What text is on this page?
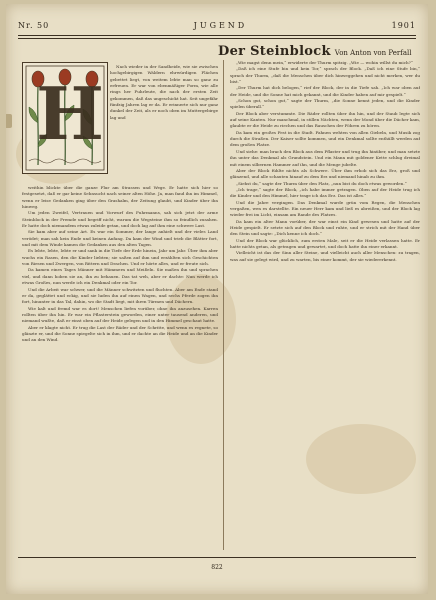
Nr. 50	JUGEND	1901
Der Steinblock Von Anton von Perfall
H

Nach wieder in der Sandheide, wie sie zwischen hochgebirgigen Wäldern ehrwürdigen Flächen gebettet liegt, von weitem lebte man so ganz zu erfreuen. Er war von ebenmäßiger Form, wie alle rings her Fuhrleute, die nach der ersten Zeit gekommen, daß das ungeschickt hat. Seit ungefähr fünfzig Jahren lag er da. Er erinnerte sich nur ganz dunkel der Zeit, als er noch oben im Muttergebirge lag und

weithin blickte über die ganze Flur am Strassen und Wege. Er hatte sich hier so festgesetzt, daß er gar keine Sehnsucht nach seiner alten Höhe. Ja, man fand ihn im Himmel, wenn er leise Gedanken ging über den Grashalm, der Zeitung glaubt, und Kinder über ihn hinweg.

Um jeden Zweifel, Vertrauen und Vorwurf des Fuhrmanns, sah sich jetzt der arme Steinblock in der Fremde und begriff nicht, warum die Wegsteine ihm so feindlich zusahen. Er hatte doch niemandem etwas zuleide getan, und doch lag auf ihm eine schwere Last.

Sie kam aber auf seine Art. Es war ein Sommer, der lange anhielt und der vieles Land verödet; man sah kein Ende und keinen Anfang. Da kam der Wind und trieb die Blätter fort, und mit dem Winde kamen die Gedanken aus den alten Tagen.

Es lebte, lebte, lebte er und sank in die Tiefe der Erde hinein, Jahr um Jahr. Über ihm aber wuchs ein Rasen, den die Kinder liebten; sie saßen auf ihm und erzählten sich Geschichten von Riesen und Zwergen, von Rittern und Drachen. Und er hörte alles, und er freute sich.

Da kamen eines Tages Männer mit Hämmern und Meißeln. Sie maßen ihn und sprachen viel, und dann hoben sie an, ihn zu behauen. Das tat weh, aber er dachte: Nun werde ich etwas Großes, nun werde ich ein Denkmal oder ein Tor.

Und die Arbeit war schwer, und die Männer schwitzten und fluchten. Aber am Ende stand er da, geglättet und eckig, und sie luden ihn auf einen Wagen, und sechs Pferde zogen ihn fort, hinunter in das Tal, dahin, wo die Stadt liegt, mit ihren Türmen und Dächern.

Wie kalt und fremd war es dort! Menschen liefen vorüber, ohne ihn anzusehen. Karren rollten über ihn hin. Er war ein Pflasterstein geworden, einer unter tausend anderen, und niemand wußte, daß er einst oben auf der Heide gelegen und in den Himmel geschaut hatte.

Aber er klagte nicht. Er trug die Last der Räder und der Schritte, und wenn es regnete, so glänzte er, und die Sonne spiegelte sich in ihm, und er dachte an die Heide und an die Kinder und an den Wind.

„Wie magst denn mein,“ erwiderte der Thurm spitzig. „Wie — wohin willst du mich?“

„Daß ich eine Stufe bin und kein Tor,“ sprach der Block. „Daß ich eine Stufe bin,“ sprach der Thurm, „daß die Menschen über dich hinweggehen und nicht merken, wer du bist.“

„Der Thurm hat dich belogen,“ rief der Block, der in die Tiefe sah. „Ich war oben auf der Heide, und die Sonne hat mich gekannt, und die Kinder haben auf mir gespielt.“

„Schon gut, schon gut,“ sagte der Thurm, „die Sonne kennt jeden, und die Kinder spielen überall.“

Der Block aber verstummte. Die Räder rollten über ihn hin, und der Staub legte sich auf seine Kanten. Nur manchmal, in stillen Nächten, wenn der Mond über die Dächer kam, glaubte er die Heide zu riechen und das Rauschen der Föhren zu hören.

Da kam ein großes Fest in die Stadt. Fahnen wehten von allen Giebeln, und Musik zog durch die Straßen. Der Kaiser sollte kommen, und ein Denkmal sollte enthüllt werden auf dem großen Platze.

Und siehe: man brach den Block aus dem Pflaster und trug ihn hinüber, und man setzte ihn unter das Denkmal als Grundstein. Und ein Mann mit goldener Kette schlug dreimal mit einem silbernen Hammer auf ihn, und die Menge jubelte.

Aber der Block fühlte nichts als Schwere. Über ihm erhob sich das Erz, groß und glänzend, und alle schauten hinauf zu dem Erz und niemand hinab zu ihm.

„Siehst du,“ sagte der Thurm über den Platz, „nun bist du doch etwas geworden.“

„Ich trage,“ sagte der Block, „ich habe immer getragen. Oben auf der Heide trug ich die Kinder und den Himmel, hier trage ich das Erz. Das ist alles.“

Und die Jahre vergingen. Das Denkmal wurde grün vom Regen, die Menschen vergaßen, wen es darstellte. Ein neuer Herr kam und ließ es abreißen, und der Block lag wieder frei im Licht, einsam am Rande des Platzes.

Da kam ein alter Mann vorüber, der war einst ein Kind gewesen und hatte auf der Heide gespielt. Er setzte sich auf den Block und ruhte, und er strich mit der Hand über den Stein und sagte: „Dich kenne ich doch.“

Und der Block war glücklich, zum ersten Male, seit er die Heide verlassen hatte. Er hatte nichts getan, als getragen und gewartet, und doch hatte ihn einer erkannt.

Vielleicht ist das der Sinn aller Steine, und vielleicht auch aller Menschen: zu tragen, was auf sie gelegt wird, und zu warten, bis einer kommt, der sie wiedererkennt.

822
